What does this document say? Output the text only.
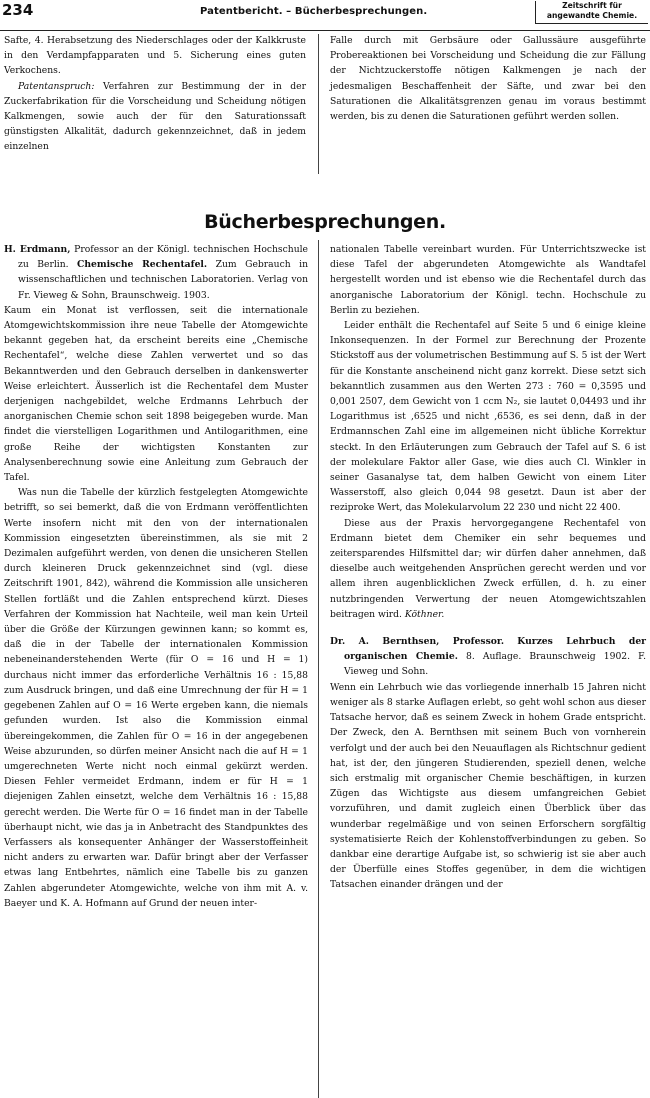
234	Patentbericht. – Bücherbesprechungen.
Zeitschrift für
angewandte Chemie.

Safte, 4. Herabsetzung des Niederschlages oder der Kalkkruste in den Verdampfapparaten und 5. Sicherung eines guten Verkochens.

Patentanspruch: Verfahren zur Bestimmung der in der Zuckerfabrikation für die Vorscheidung und Scheidung nötigen Kalkmengen, sowie auch der für den Saturationssaft günstigsten Alkalität, dadurch gekennzeichnet, daß in jedem einzelnen

Falle durch mit Gerbsäure oder Gallussäure ausgeführte Probereaktionen bei Vorscheidung und Scheidung die zur Fällung der Nichtzuckerstoffe nötigen Kalkmengen je nach der jedesmaligen Beschaffenheit der Säfte, und zwar bei den Saturationen die Alkalitätsgrenzen genau im voraus bestimmt werden, bis zu denen die Saturationen geführt werden sollen.

Bücherbesprechungen.

H. Erdmann, Professor an der Königl. technischen Hochschule zu Berlin. Chemische Rechentafel. Zum Gebrauch in wissenschaftlichen und technischen Laboratorien. Verlag von Fr. Vieweg & Sohn, Braunschweig. 1903.

Kaum ein Monat ist verflossen, seit die internationale Atomgewichtskommission ihre neue Tabelle der Atomgewichte bekannt gegeben hat, da erscheint bereits eine „Chemische Rechentafel“, welche diese Zahlen verwertet und so das Bekanntwerden und den Gebrauch derselben in dankenswerter Weise erleichtert. Äusserlich ist die Rechentafel dem Muster derjenigen nachgebildet, welche Erdmanns Lehrbuch der anorganischen Chemie schon seit 1898 beigegeben wurde. Man findet die vierstelligen Logarithmen und Antilogarithmen, eine große Reihe der wichtigsten Konstanten zur Analysenberechnung sowie eine Anleitung zum Gebrauch der Tafel.

Was nun die Tabelle der kürzlich festgelegten Atomgewichte betrifft, so sei bemerkt, daß die von Erdmann veröffentlichten Werte insofern nicht mit den von der internationalen Kommission eingesetzten übereinstimmen, als sie mit 2 Dezimalen aufgeführt werden, von denen die unsicheren Stellen durch kleineren Druck gekennzeichnet sind (vgl. diese Zeitschrift 1901, 842), während die Kommission alle unsicheren Stellen fortläßt und die Zahlen entsprechend kürzt. Dieses Verfahren der Kommission hat Nachteile, weil man kein Urteil über die Größe der Kürzungen gewinnen kann; so kommt es, daß die in der Tabelle der internationalen Kommission nebeneinanderstehenden Werte (für O = 16 und H = 1) durchaus nicht immer das erforderliche Verhältnis 16 : 15,88 zum Ausdruck bringen, und daß eine Umrechnung der für H = 1 gegebenen Zahlen auf O = 16 Werte ergeben kann, die niemals gefunden wurden. Ist also die Kommission einmal übereingekommen, die Zahlen für O = 16 in der angegebenen Weise abzurunden, so dürfen meiner Ansicht nach die auf H = 1 umgerechneten Werte nicht noch einmal gekürzt werden. Diesen Fehler vermeidet Erdmann, indem er für H = 1 diejenigen Zahlen einsetzt, welche dem Verhältnis 16 : 15,88 gerecht werden. Die Werte für O = 16 findet man in der Tabelle überhaupt nicht, wie das ja in Anbetracht des Standpunktes des Verfassers als konsequenter Anhänger der Wasserstoffeinheit nicht anders zu erwarten war. Dafür bringt aber der Verfasser etwas lang Entbehrtes, nämlich eine Tabelle bis zu ganzen Zahlen abgerundeter Atomgewichte, welche von ihm mit A. v. Baeyer und K. A. Hofmann auf Grund der neuen inter-

nationalen Tabelle vereinbart wurden. Für Unterrichtszwecke ist diese Tafel der abgerundeten Atomgewichte als Wandtafel hergestellt worden und ist ebenso wie die Rechentafel durch das anorganische Laboratorium der Königl. techn. Hochschule zu Berlin zu beziehen.

Leider enthält die Rechentafel auf Seite 5 und 6 einige kleine Inkonsequenzen. In der Formel zur Berechnung der Prozente Stickstoff aus der volumetrischen Bestimmung auf S. 5 ist der Wert für die Konstante anscheinend nicht ganz korrekt. Diese setzt sich bekanntlich zusammen aus den Werten 273 : 760 = 0,3595 und 0,001 2507, dem Gewicht von 1 ccm N₂, sie lautet 0,04493 und ihr Logarithmus ist ,6525 und nicht ,6536, es sei denn, daß in der Erdmannschen Zahl eine im allgemeinen nicht übliche Korrektur steckt. In den Erläuterungen zum Gebrauch der Tafel auf S. 6 ist der molekulare Faktor aller Gase, wie dies auch Cl. Winkler in seiner Gasanalyse tat, dem halben Gewicht von einem Liter Wasserstoff, also gleich 0,044 98 gesetzt. Daun ist aber der reziproke Wert, das Molekularvolum 22 230 und nicht 22 400.

Diese aus der Praxis hervorgegangene Rechentafel von Erdmann bietet dem Chemiker ein sehr bequemes und zeitersparendes Hilfsmittel dar; wir dürfen daher annehmen, daß dieselbe auch weitgehenden Ansprüchen gerecht werden und vor allem ihren augenblicklichen Zweck erfüllen, d. h. zu einer nutzbringenden Verwertung der neuen Atomgewichtszahlen beitragen wird. Köthner.

Dr. A. Bernthsen, Professor. Kurzes Lehrbuch der organischen Chemie. 8. Auflage. Braunschweig 1902. F. Vieweg und Sohn.

Wenn ein Lehrbuch wie das vorliegende innerhalb 15 Jahren nicht weniger als 8 starke Auflagen erlebt, so geht wohl schon aus dieser Tatsache hervor, daß es seinem Zweck in hohem Grade entspricht. Der Zweck, den A. Bernthsen mit seinem Buch von vornherein verfolgt und der auch bei den Neuauflagen als Richtschnur gedient hat, ist der, den jüngeren Studierenden, speziell denen, welche sich erstmalig mit organischer Chemie beschäftigen, in kurzen Zügen das Wichtigste aus diesem umfangreichen Gebiet vorzuführen, und damit zugleich einen Überblick über das wunderbar regelmäßige und von seinen Erforschern sorgfältig systematisierte Reich der Kohlenstoffverbindungen zu geben. So dankbar eine derartige Aufgabe ist, so schwierig ist sie aber auch der Überfülle eines Stoffes gegenüber, in dem die wichtigen Tatsachen einander drängen und der
